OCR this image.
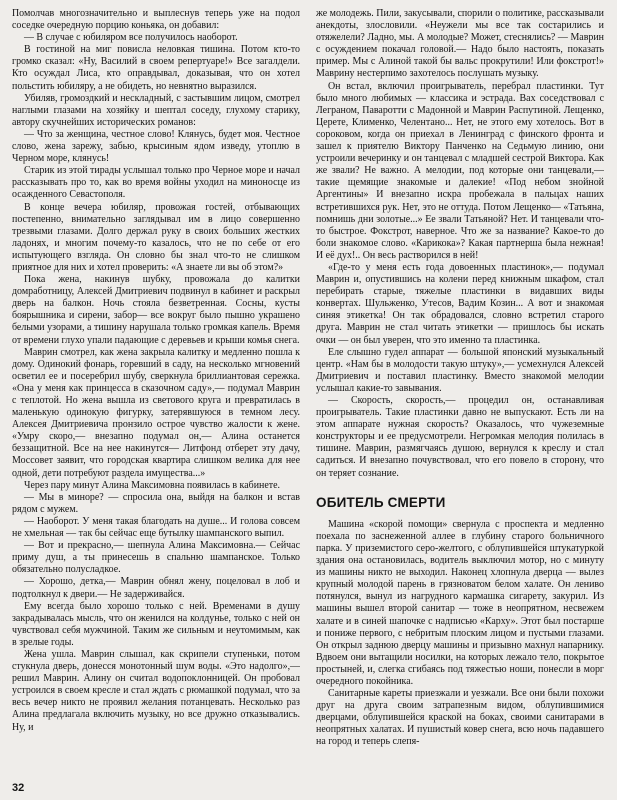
Помолчав многозначительно и выплеснув теперь уже на подол соседке очередную порцию коньяка, он добавил:

— В случае с юбиляром все получилось наоборот.

В гостиной на миг повисла неловкая тишина. Потом кто-то громко сказал: «Ну, Василий в своем репертуаре!» Все загалдели. Кто осуждал Лиса, кто оправдывал, доказывая, что он хотел польстить юбиляру, а не обидеть, но невнятно выразился.

Убиляв, громоздкий и нескладный, с застывшим лицом, смотрел наглыми глазами на хозяйку и шептал соседу, глухому старику, автору скучнейших исторических романов:

— Что за женщина, честное слово! Клянусь, будет моя. Честное слово, жена зарежу, забью, крысиным ядом изведу, утоплю в Черном море, клянусь!

Старик из этой тирады услышал только про Черное море и начал рассказывать про то, как во время войны уходил на миноносце из осажденного Севастополя.

В конце вечера юбиляр, провожая гостей, отбывающих постепенно, внимательно заглядывал им в лицо совершенно трезвыми глазами. Долго держал руку в своих больших жестких ладонях, и многим почему-то казалось, что не по себе от его испытующего взгляда. Он словно бы знал что-то не слишком приятное для них и хотел проверить: «А знаете ли вы об этом?»

Пока жена, накинув шубку, провожала до калитки домработницу, Алексей Дмитриевич подвинул в кабинет и раскрыл дверь на балкон. Ночь стояла безветренная. Сосны, кусты боярышника и сирени, забор— все вокруг было пышно украшено белыми узорами, а тишину нарушала только громкая капель. Время от времени глухо упали падающие с деревьев и крыши комья снега.

Маврин смотрел, как жена закрыла калитку и медленно пошла к дому. Одинокий фонарь, горевший в саду, на несколько мгновений осветил ее и посеребрил шубу, сверкнула бриллиантовая сережка. «Она у меня как принцесса в сказочном саду»,— подумал Маврин с теплотой. Но жена вышла из светового круга и превратилась в маленькую одинокую фигурку, затерявшуюся в темном лесу. Алексея Дмитриевича пронзило острое чувство жалости к жене. «Умру скоро,— внезапно подумал он,— Алина останется беззащитной. Все на нее накинутся— Литфонд отберет эту дачу, Моссовет заявит, что городская квартира слишком велика для нее одной, дети потребуют раздела имущества...»

Через пару минут Алина Максимовна появилась в кабинете.

— Мы в миноре? — спросила она, выйдя на балкон и встав рядом с мужем.

— Наоборот. У меня такая благодать на душе... И голова совсем не хмельная — так бы сейчас еще бутылку шампанского выпил.

— Вот и прекрасно,— шепнула Алина Максимовна.— Сейчас приму душ, а ты принесешь в спальню шампанское. Только обязательно полусладкое.

— Хорошо, детка,— Маврин обнял жену, поцеловал в лоб и подтолкнул к двери.— Не задерживайся.

Ему всегда было хорошо только с ней. Временами в душу закрадывалась мысль, что он женился на колдунье, только с ней он чувствовал себя мужчиной. Таким же сильным и неутомимым, как в зрелые годы.

Жена ушла. Маврин слышал, как скрипели ступеньки, потом стукнула дверь, донесся монотонный шум воды. «Это надолго»,— решил Маврин. Алину он считал водопоклонницей. Он пробовал устроился в своем кресле и стал ждать с рюмашкой подумал, что за весь вечер никто не проявил желания потанцевать. Несколько раз Алина предлагала включить музыку, но все дружно отказывались. Ну, и

же молодежь. Пили, закусывали, спорили о политике, рассказывали анекдоты, злословили. «Неужели мы все так состарились и отяжелели? Ладно, мы. А молодые? Может, стеснялись? — Маврин с осуждением покачал головой.— Надо было настоять, показать пример. Мы с Алиной такой бы вальс прокрутили! Или фокстрот!» Маврину нестерпимо захотелось послушать музыку.

Он встал, включил проигрыватель, перебрал пластинки. Тут было много любимых — классика и эстрада. Вах соседствовал с Леграном, Паваротти с Мадонной и Маврин Распутиной. Лещенко, Церете, Клименко, Челентано... Нет, не этого ему хотелось. Вот в сороковом, когда он приехал в Ленинград с финского фронта и зашел к приятелю Виктору Панченко на Седьмую линию, они устроили вечеринку и он танцевал с младшей сестрой Виктора. Как же звали? Не важно. А мелодии, под которые они танцевали,— такие щемящие знакомые и далекие! «Под небом знойной Аргентины» И внезапно искра пробежала в пальцах наших встретившихся рук. Нет, это не оттуда. Потом Лещенко— «Татьяна, помнишь дни золотые...» Ее звали Татьяной? Нет. И танцевали что-то быстрое. Фокстрот, наверное. Что же за название? Какое-то до боли знакомое слово. «Карикока»? Какая партнерша была нежная! И её дух!.. Он весь растворился в ней!

«Где-то у меня есть года довоенных пластинок»,— подумал Маврин и, опустившись на колени перед книжным шкафом, стал перебирать старые, тяжелые пластинки в видавших виды конвертах. Шульженко, Утесов, Вадим Козин... А вот и знакомая синяя этикетка! Он так обрадовался, словно встретил старого друга. Маврин не стал читать этикетки — пришлось бы искать очки — он был уверен, что это именно та пластинка.

Еле слышно гудел аппарат — большой японский музыкальный центр. «Нам бы в молодости такую штуку»,— усмехнулся Алексей Дмитриевич и поставил пластинку. Вместо знакомой мелодии услышал какие-то завывания.

— Скорость, скорость,— процедил он, останавливая проигрыватель. Такие пластинки давно не выпускают. Есть ли на этом аппарате нужная скорость? Оказалось, что чужеземные конструкторы и ее предусмотрели. Негромкая мелодия полилась в тишине. Маврин, размягчаясь душою, вернулся к креслу и стал садиться. И внезапно почувствовал, что его повело в сторону, что он теряет сознание.

ОБИТЕЛЬ СМЕРТИ

Машина «скорой помощи» свернула с проспекта и медленно поехала по заснеженной аллее в глубину старого больничного парка. У приземистого серо-желтого, с облупившейся штукатуркой здания она остановилась, водитель выключил мотор, но с минуту из машины никто не выходил. Наконец хлопнула дверца — вылез крупный молодой парень в грязноватом белом халате. Он лениво потянулся, вынул из нагрудного кармашка сигарету, закурил. Из машины вышел второй санитар — тоже в неопрятном, несвежем халате и в синей шапочке с надписью «Карху». Этот был постарше и пониже первого, с небритым плоским лицом и пустыми глазами. Он открыл заднюю дверцу машины и призывно махнул напарнику. Вдвоем они вытащили носилки, на которых лежало тело, покрытое простыней, и, слегка сгибаясь под тяжестью ноши, понесли в морг очередного покойника.

Санитарные кареты приезжали и уезжали. Все они были похожи друг на друга своим затрапезным видом, облупившимися дверцами, облупившейся краской на боках, своими санитарами в неопрятных халатах. И пушистый ковер снега, всю ночь падавшего на город и теперь слепя-

32
